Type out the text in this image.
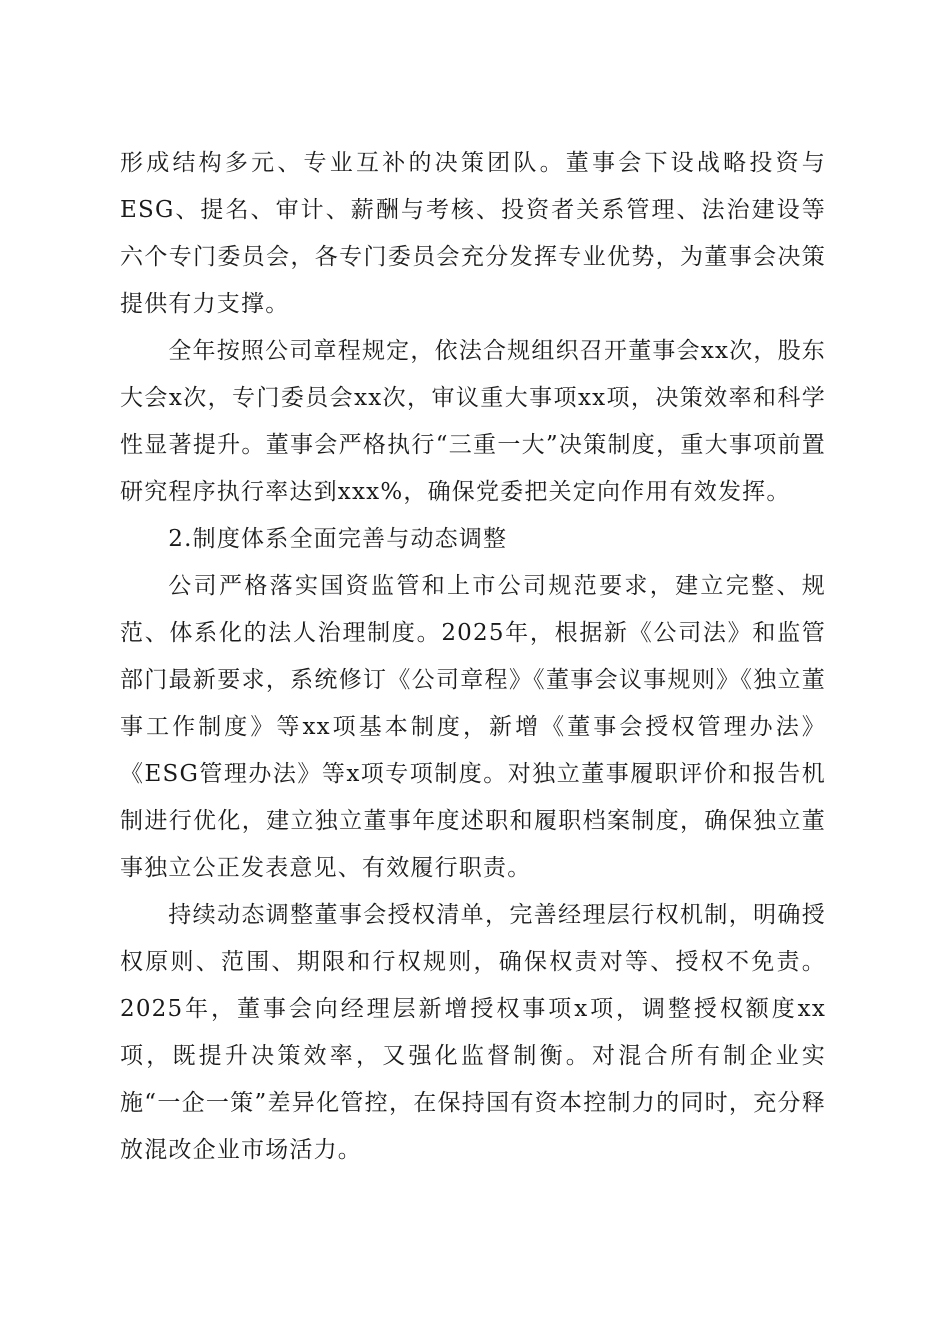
形成结构多元、专业互补的决策团队。董事会下设战略投资与ESG、提名、审计、薪酬与考核、投资者关系管理、法治建设等六个专门委员会，各专门委员会充分发挥专业优势，为董事会决策提供有力支撑。

全年按照公司章程规定，依法合规组织召开董事会xx次，股东大会x次，专门委员会xx次，审议重大事项xx项，决策效率和科学性显著提升。董事会严格执行“三重一大”决策制度，重大事项前置研究程序执行率达到xxx%，确保党委把关定向作用有效发挥。

2.制度体系全面完善与动态调整

公司严格落实国资监管和上市公司规范要求，建立完整、规范、体系化的法人治理制度。2025年，根据新《公司法》和监管部门最新要求，系统修订《公司章程》《董事会议事规则》《独立董事工作制度》等xx项基本制度，新增《董事会授权管理办法》《ESG管理办法》等x项专项制度。对独立董事履职评价和报告机制进行优化，建立独立董事年度述职和履职档案制度，确保独立董事独立公正发表意见、有效履行职责。

持续动态调整董事会授权清单，完善经理层行权机制，明确授权原则、范围、期限和行权规则，确保权责对等、授权不免责。2025年，董事会向经理层新增授权事项x项，调整授权额度xx项，既提升决策效率，又强化监督制衡。对混合所有制企业实施“一企一策”差异化管控，在保持国有资本控制力的同时，充分释放混改企业市场活力。
